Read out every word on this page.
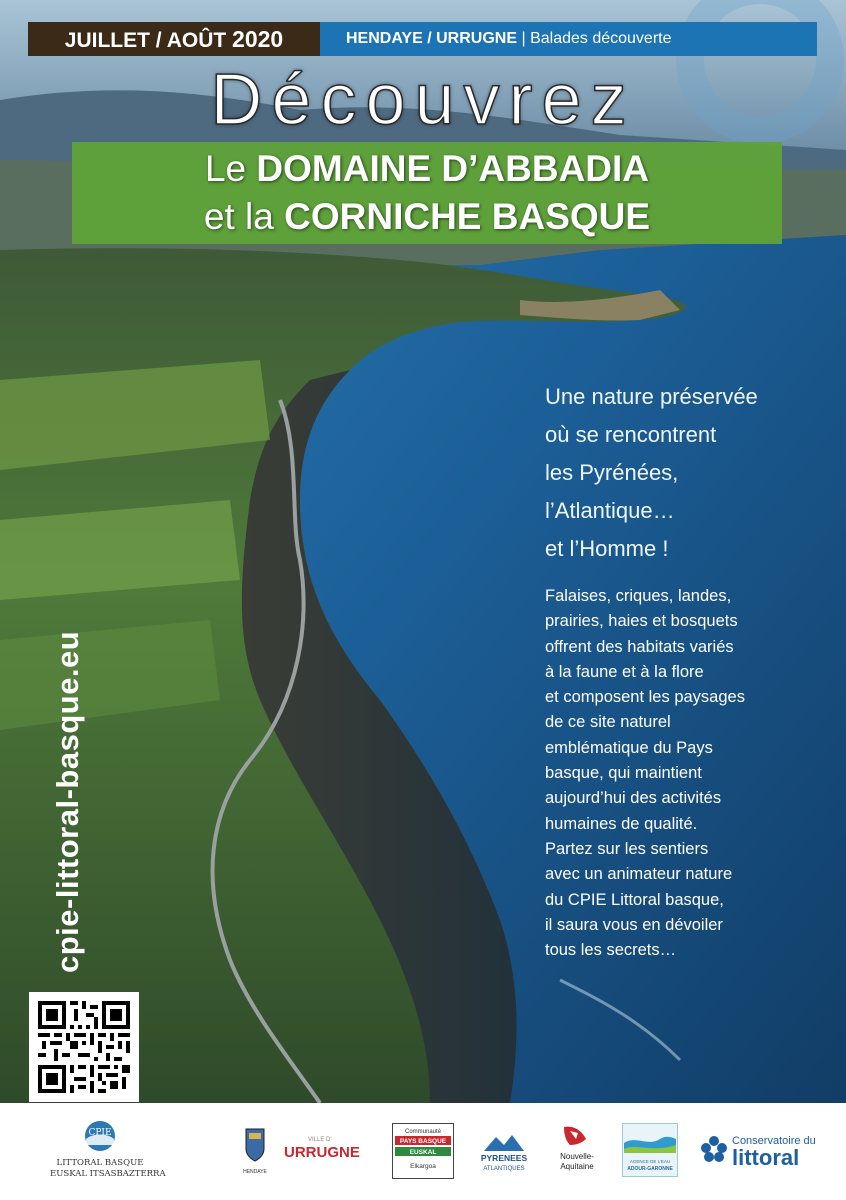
JUILLET / AOÛT 2020	HENDAYE / URRUGNE | Balades découverte
Découvrez
Le DOMAINE D’ABBADIA
et la CORNICHE BASQUE
Une nature préservée
où se rencontrent
les Pyrénées,
l’Atlantique…
et l’Homme !
Falaises, criques, landes,
prairies, haies et bosquets
offrent des habitats variés
à la faune et à la flore
et composent les paysages
de ce site naturel
emblématique du Pays
basque, qui maintient
aujourd’hui des activités
humaines de qualité.
Partez sur les sentiers
avec un animateur nature
du CPIE Littoral basque,
il saura vous en dévoiler
tous les secrets…
cpie-littoral-basque.eu
CPIE
LITTORAL BASQUE
EUSKAL ITSASBAZTERRA	HENDAYE
VILLE D’
URRUGNE
Communauté
PAYS BASQUE
EUSKAL
Elkargoa
PYRENEES
ATLANTIQUES
Nouvelle-
Aquitaine
AGENCE DE L’EAU
ADOUR-GARONNE
Conservatoire du
littoral
